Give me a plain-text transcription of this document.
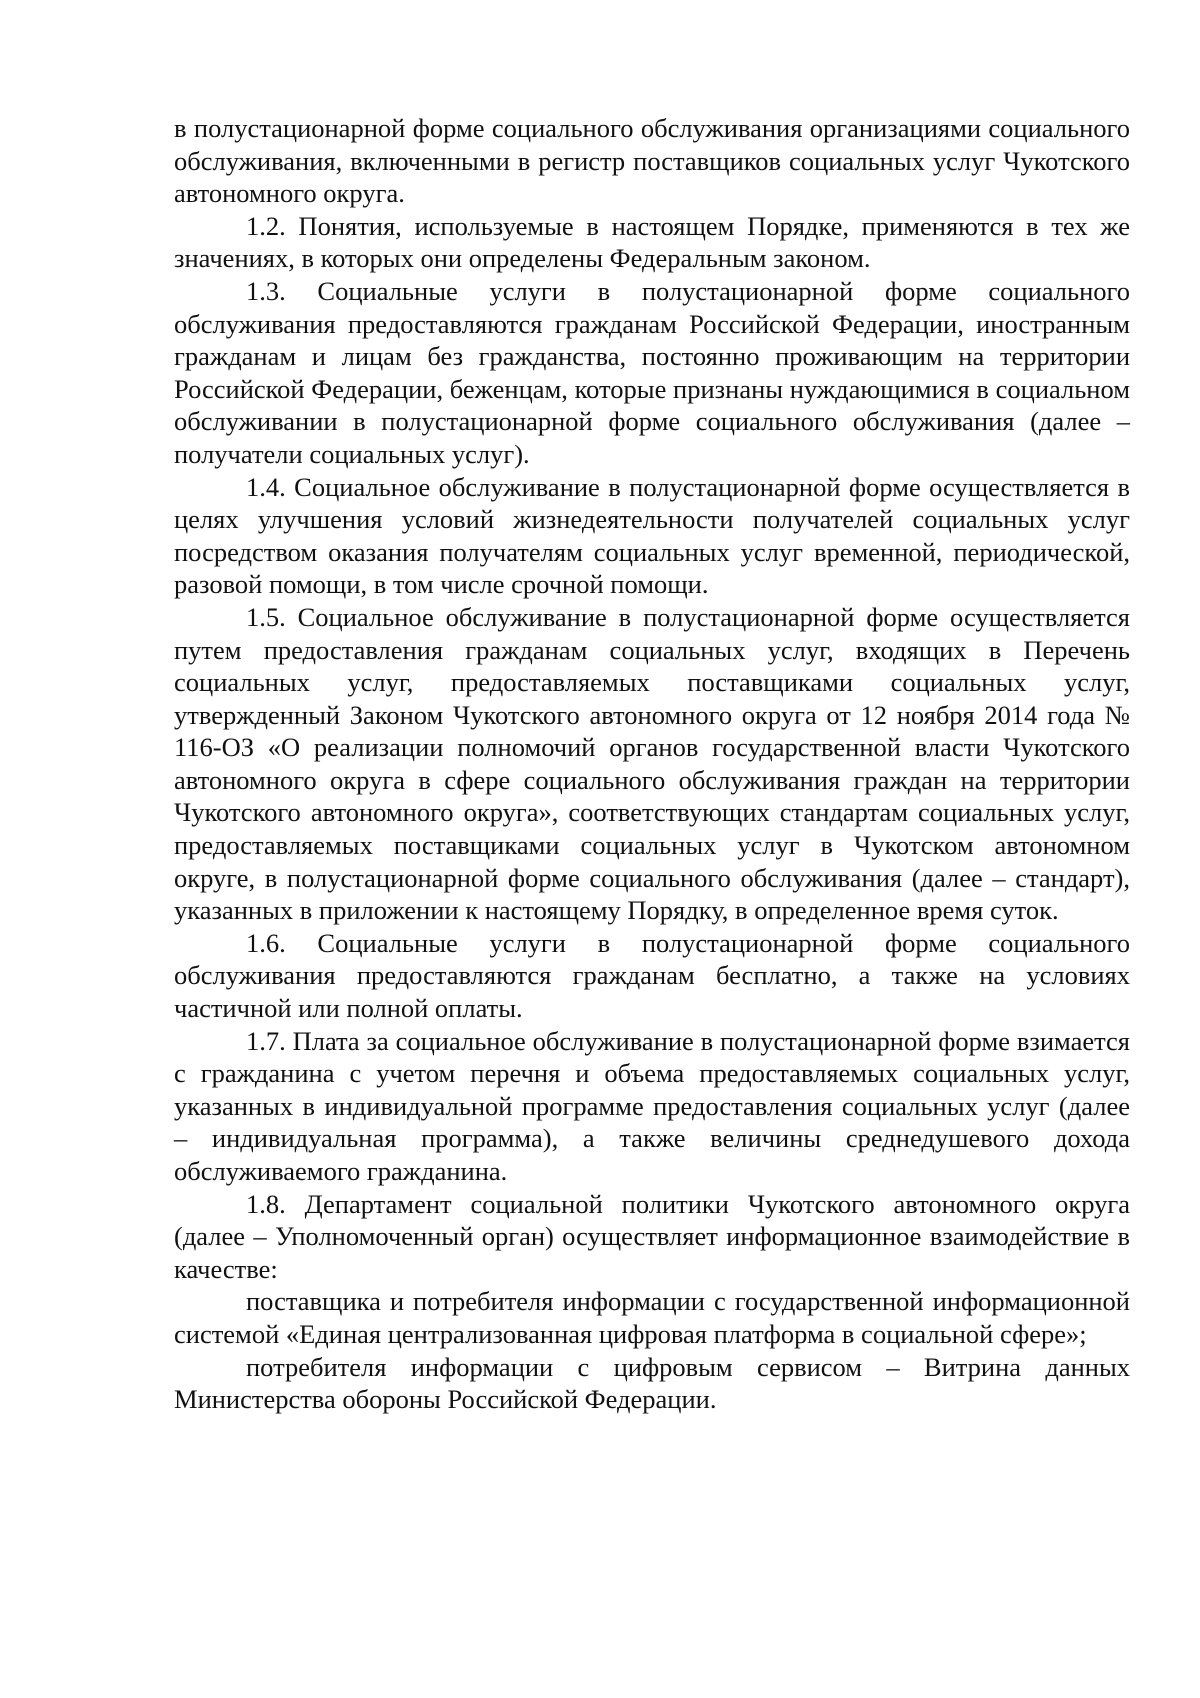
в полустационарной форме социального обслуживания организациями социального обслуживания, включенными в регистр поставщиков социальных услуг Чукотского автономного округа.

1.2. Понятия, используемые в настоящем Порядке, применяются в тех же значениях, в которых они определены Федеральным законом.

1.3. Социальные услуги в полустационарной форме социального обслуживания предоставляются гражданам Российской Федерации, иностранным гражданам и лицам без гражданства, постоянно проживающим на территории Российской Федерации, беженцам, которые признаны нуждающимися в социальном обслуживании в полустационарной форме социального обслуживания (далее – получатели социальных услуг).

1.4. Социальное обслуживание в полустационарной форме осуществляется в целях улучшения условий жизнедеятельности получателей социальных услуг посредством оказания получателям социальных услуг временной, периодической, разовой помощи, в том числе срочной помощи.

1.5. Социальное обслуживание в полустационарной форме осуществляется путем предоставления гражданам социальных услуг, входящих в Перечень социальных услуг, предоставляемых поставщиками социальных услуг, утвержденный Законом Чукотского автономного округа от 12 ноября 2014 года № 116-ОЗ «О реализации полномочий органов государственной власти Чукотского автономного округа в сфере социального обслуживания граждан на территории Чукотского автономного округа», соответствующих стандартам социальных услуг, предоставляемых поставщиками социальных услуг в Чукотском автономном округе, в полустационарной форме социального обслуживания (далее – стандарт), указанных в приложении к настоящему Порядку, в определенное время суток.

1.6. Социальные услуги в полустационарной форме социального обслуживания предоставляются гражданам бесплатно, а также на условиях частичной или полной оплаты.

1.7. Плата за социальное обслуживание в полустационарной форме взимается с гражданина с учетом перечня и объема предоставляемых социальных услуг, указанных в индивидуальной программе предоставления социальных услуг (далее – индивидуальная программа), а также величины среднедушевого дохода обслуживаемого гражданина.

1.8. Департамент социальной политики Чукотского автономного округа (далее – Уполномоченный орган) осуществляет информационное взаимодействие в качестве:

поставщика и потребителя информации с государственной информационной системой «Единая централизованная цифровая платформа в социальной сфере»;

потребителя информации с цифровым сервисом – Витрина данных Министерства обороны Российской Федерации.
